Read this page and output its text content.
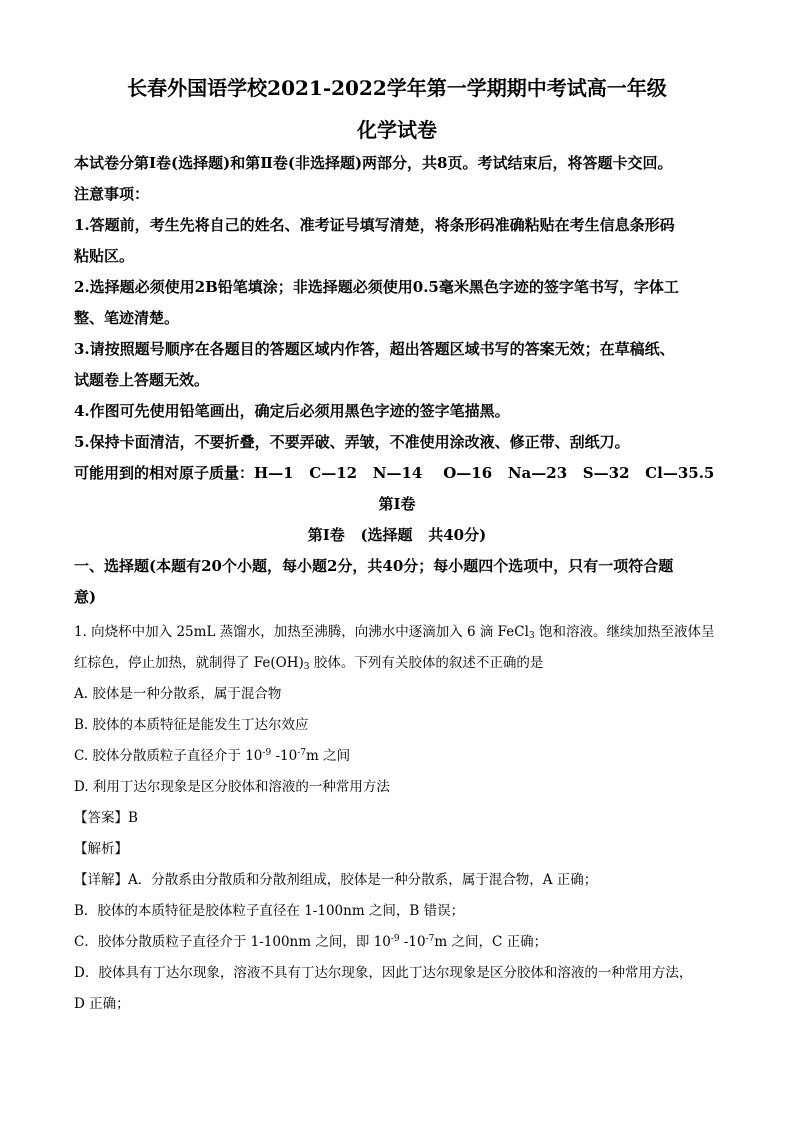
长春外国语学校2021-2022学年第一学期期中考试高一年级
化学试卷
本试卷分第Ⅰ卷(选择题)和第Ⅱ卷(非选择题)两部分，共8页。考试结束后，将答题卡交回。
注意事项：
1.答题前，考生先将自己的姓名、准考证号填写清楚，将条形码准确粘贴在考生信息条形码
粘贴区。
2.选择题必须使用2B铅笔填涂；非选择题必须使用0.5毫米黑色字迹的签字笔书写，字体工
整、笔迹清楚。
3.请按照题号顺序在各题目的答题区域内作答，超出答题区域书写的答案无效；在草稿纸、
试题卷上答题无效。
4.作图可先使用铅笔画出，确定后必须用黑色字迹的签字笔描黑。
5.保持卡面清洁，不要折叠，不要弄破、弄皱，不准使用涂改液、修正带、刮纸刀。
可能用到的相对原子质量：H—1   C—12   N—14    O—16   Na—23   S—32   Cl—35.5
第Ⅰ卷
第Ⅰ卷   (选择题   共40分)
一、选择题(本题有20个小题，每小题2分，共40分；每小题四个选项中，只有一项符合题
意)
1. 向烧杯中加入 25mL 蒸馏水，加热至沸腾，向沸水中逐滴加入 6 滴 FeCl$_3$ 饱和溶液。继续加热至液体呈
红棕色，停止加热，就制得了 $Fe(OH)_3$ 胶体。下列有关胶体的叙述不正确的是
A. 胶体是一种分散系，属于混合物
B. 胶体的本质特征是能发生丁达尔效应
C. 胶体分散质粒子直径介于 $10^{-9}$ $-10^{-7}m$ 之间
D. 利用丁达尔现象是区分胶体和溶液的一种常用方法
【答案】B
【解析】
【详解】A．分散系由分散质和分散剂组成，胶体是一种分散系，属于混合物，A 正确；
B．胶体的本质特征是胶体粒子直径在 1-100nm 之间，B 错误；
C．胶体分散质粒子直径介于 1-100nm 之间，即 $10^{-9}$ $-10^{-7}m$ 之间，C 正确；
D．胶体具有丁达尔现象，溶液不具有丁达尔现象，因此丁达尔现象是区分胶体和溶液的一种常用方法，
D 正确；
